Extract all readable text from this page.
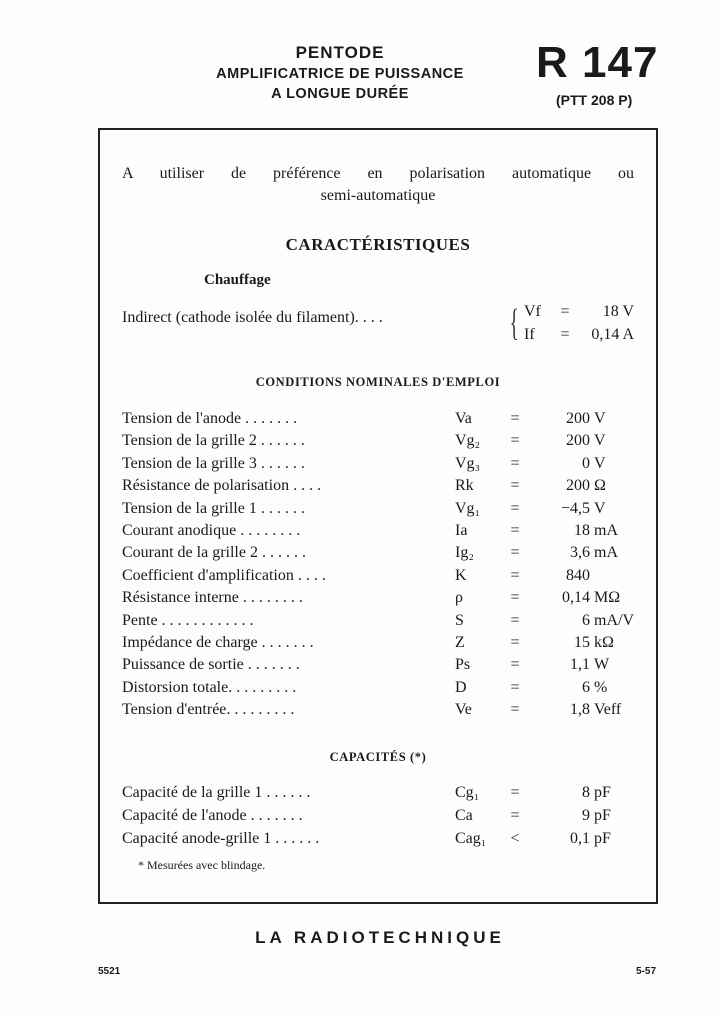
PENTODE
AMPLIFICATRICE DE PUISSANCE
A LONGUE DURÉE
R 147
(PTT 208 P)
A utiliser de préférence en polarisation automatique ou
semi-automatique
CARACTÉRISTIQUES
Chauffage
Indirect (cathode isolée du filament). . . .	{ Vf = 18 V
If = 0,14 A
CONDITIONS NOMINALES D'EMPLOI
Tension de l'anode . . . . . . .	Va =	200 V
Tension de la grille 2 . . . . . .	Vg₂ =	200 V
Tension de la grille 3 . . . . . .	Vg₃ =	0 V
Résistance de polarisation . . . .	Rk =	200 Ω
Tension de la grille 1 . . . . . .	Vg₁ =	−4,5 V
Courant anodique . . . . . . . .	Ia	=	18 mA
Courant de la grille 2 . . . . . .	Ig₂ =	3,6 mA
Coefficient d'amplification . . . .	K	=	840
Résistance interne . . . . . . . .	ρ	=	0,14 MΩ
Pente . . . . . . . . . . . .	S	=	6 mA/V
Impédance de charge . . . . . . .	Z	=	15 kΩ
Puissance de sortie . . . . . . .	Ps	=	1,1 W
Distorsion totale. . . . . . . . .	D	=	6 %
Tension d'entrée. . . . . . . . .	Ve =	1,8 Veff
CAPACITÉS (*)
Capacité de la grille 1 . . . . . .	Cg₁ =	8 pF
Capacité de l'anode . . . . . . .	Ca =	9 pF
Capacité anode-grille 1 . . . . . .	Cag₁ <	0,1 pF
* Mesurées avec blindage.
LA RADIOTECHNIQUE
5521	5-57
